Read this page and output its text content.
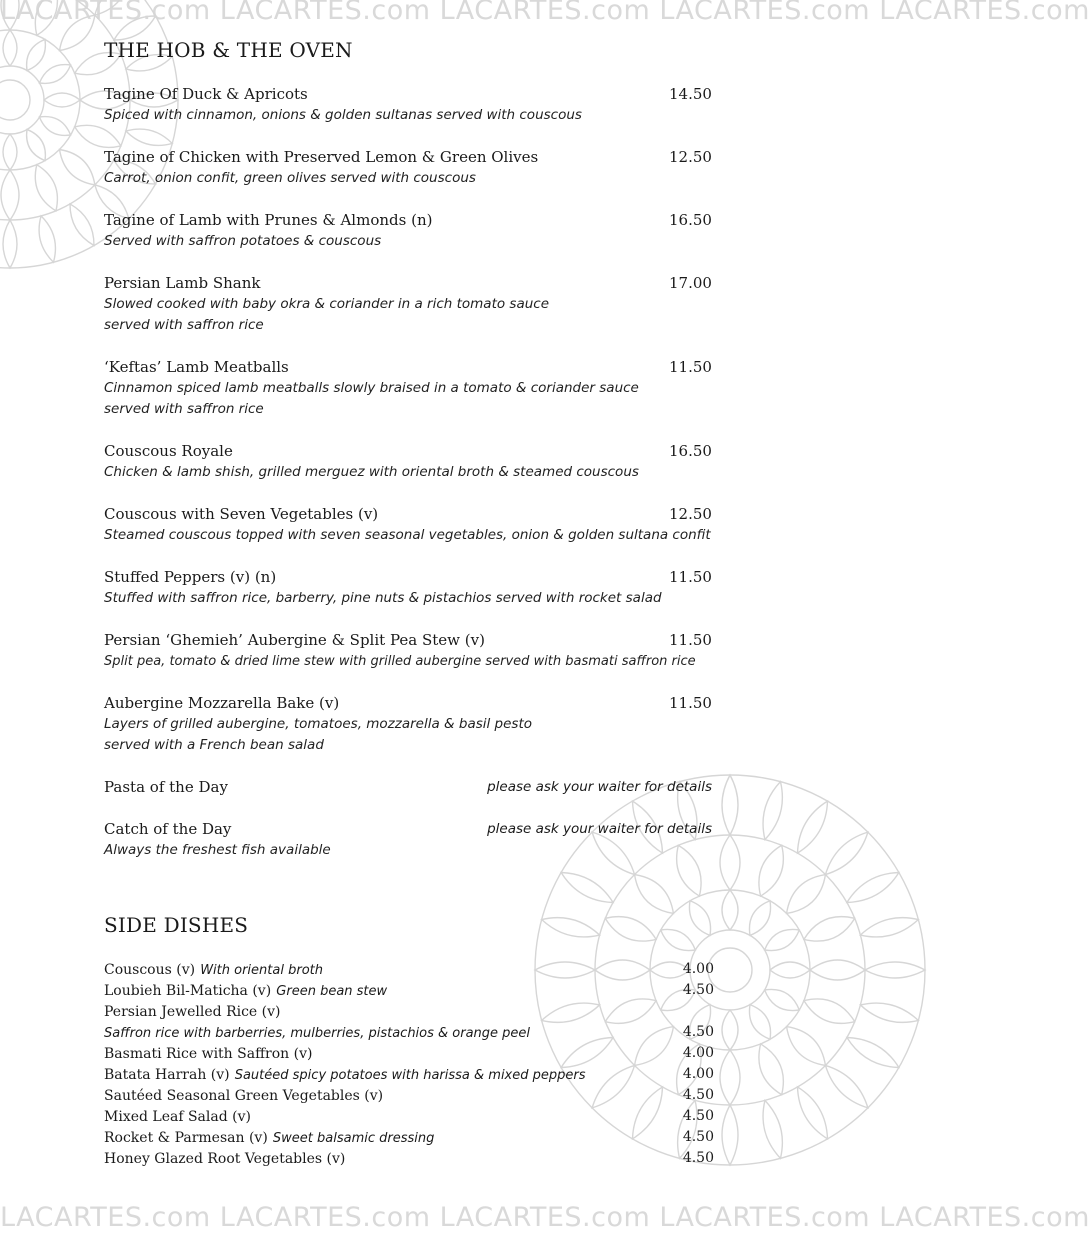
LACARTES.com LACARTES.com LACARTES.com LACARTES.com LACARTES.com
LACARTES.com LACARTES.com LACARTES.com LACARTES.com LACARTES.com
THE HOB & THE OVEN
Tagine Of Duck & Apricots	14.50
Spiced with cinnamon, onions & golden sultanas served with couscous
Tagine of Chicken with Preserved Lemon & Green Olives	12.50
Carrot, onion confit, green olives served with couscous
Tagine of Lamb with Prunes & Almonds (n)	16.50
Served with saffron potatoes & couscous
Persian Lamb Shank	17.00
Slowed cooked with baby okra & coriander in a rich tomato sauce
served with saffron rice
‘Keftas’ Lamb Meatballs	11.50
Cinnamon spiced lamb meatballs slowly braised in a tomato & coriander sauce
served with saffron rice
Couscous Royale	16.50
Chicken & lamb shish, grilled merguez with oriental broth & steamed couscous
Couscous with Seven Vegetables (v)	12.50
Steamed couscous topped with seven seasonal vegetables, onion & golden sultana confit
Stuffed Peppers (v) (n)	11.50
Stuffed with saffron rice, barberry, pine nuts & pistachios served with rocket salad
Persian ‘Ghemieh’ Aubergine & Split Pea Stew (v)	11.50
Split pea, tomato & dried lime stew with grilled aubergine served with basmati saffron rice
Aubergine Mozzarella Bake (v)	11.50
Layers of grilled aubergine, tomatoes, mozzarella & basil pesto
served with a French bean salad
Pasta of the Day	please ask your waiter for details
Catch of the Day	please ask your waiter for details
Always the freshest fish available
SIDE DISHES
Couscous (v) With oriental broth	4.00
Loubieh Bil-Maticha (v) Green bean stew	4.50
Persian Jewelled Rice (v)
Saffron rice with barberries, mulberries, pistachios & orange peel	4.50
Basmati Rice with Saffron (v)	4.00
Batata Harrah (v) Sautéed spicy potatoes with harissa & mixed peppers	4.00
Sautéed Seasonal Green Vegetables (v)	4.50
Mixed Leaf Salad (v)	4.50
Rocket & Parmesan (v) Sweet balsamic dressing	4.50
Honey Glazed Root Vegetables (v)	4.50
